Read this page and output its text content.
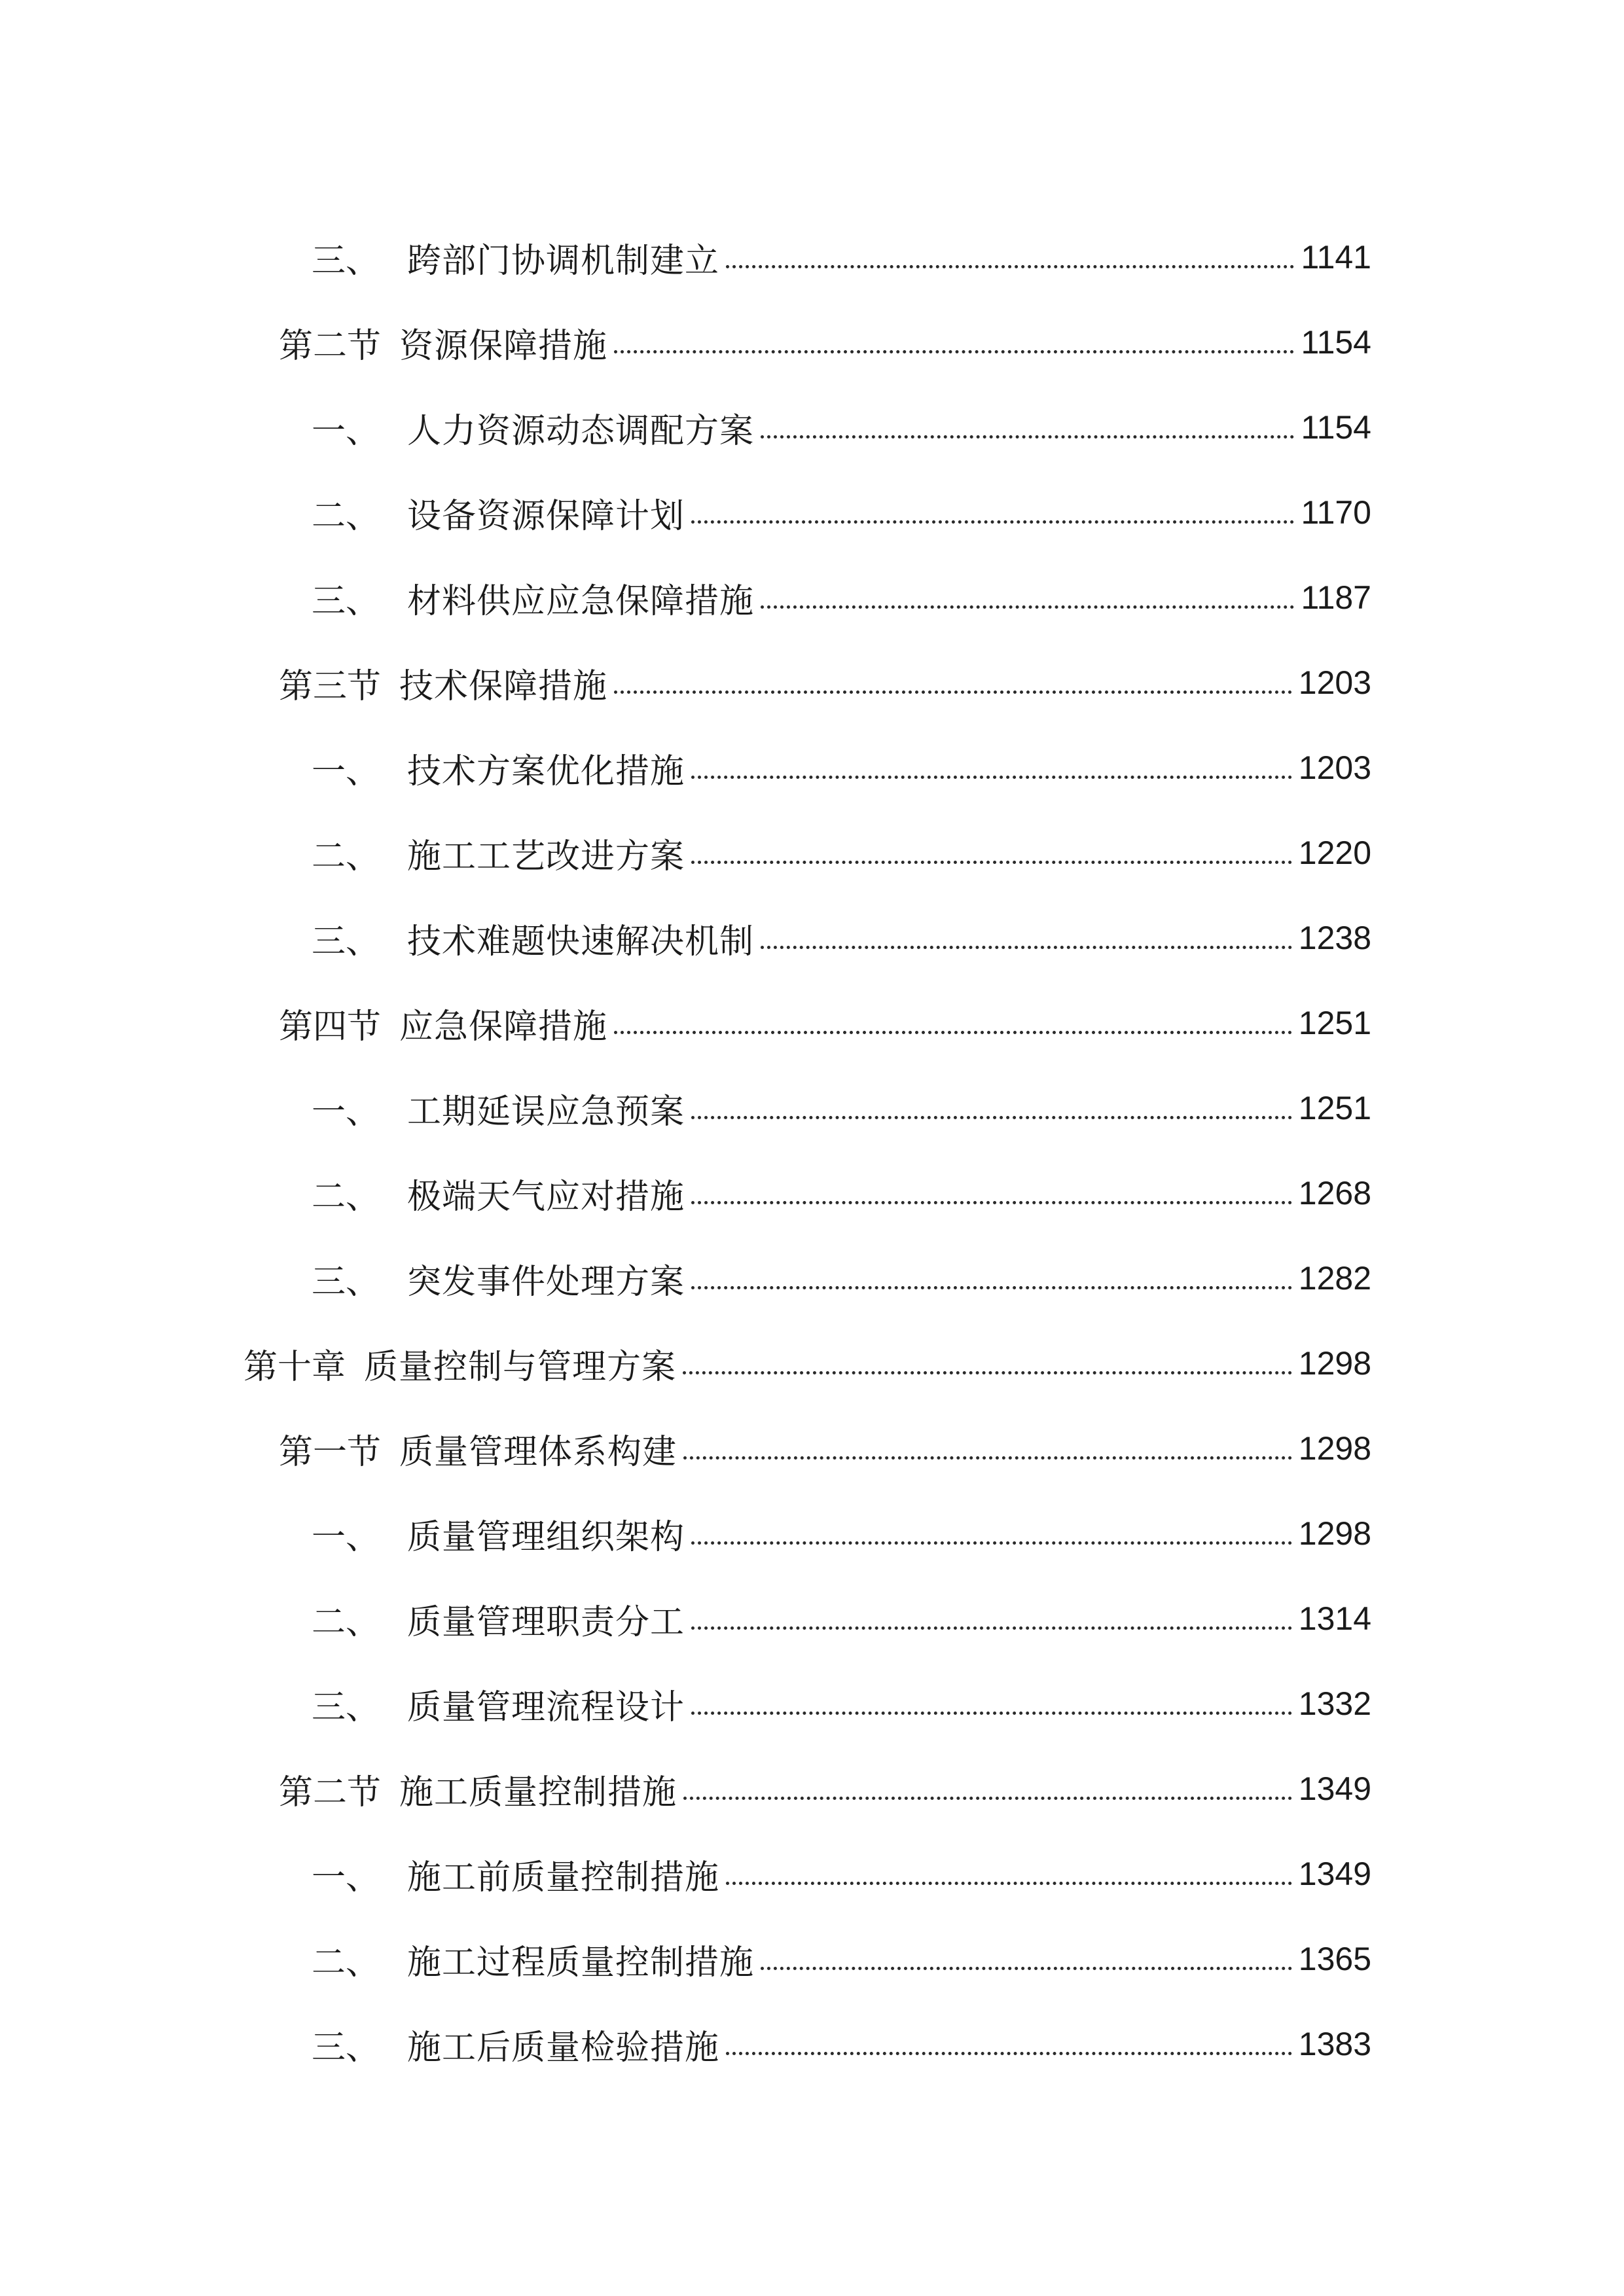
三、 跨部门协调机制建立	1141
第二节 资源保障措施	1154
一、 人力资源动态调配方案	1154
二、 设备资源保障计划	1170
三、 材料供应应急保障措施	1187
第三节 技术保障措施	1203
一、 技术方案优化措施	1203
二、 施工工艺改进方案	1220
三、 技术难题快速解决机制	1238
第四节 应急保障措施	1251
一、 工期延误应急预案	1251
二、 极端天气应对措施	1268
三、 突发事件处理方案	1282
第十章 质量控制与管理方案	1298
第一节 质量管理体系构建	1298
一、 质量管理组织架构	1298
二、 质量管理职责分工	1314
三、 质量管理流程设计	1332
第二节 施工质量控制措施	1349
一、 施工前质量控制措施	1349
二、 施工过程质量控制措施	1365
三、 施工后质量检验措施	1383
